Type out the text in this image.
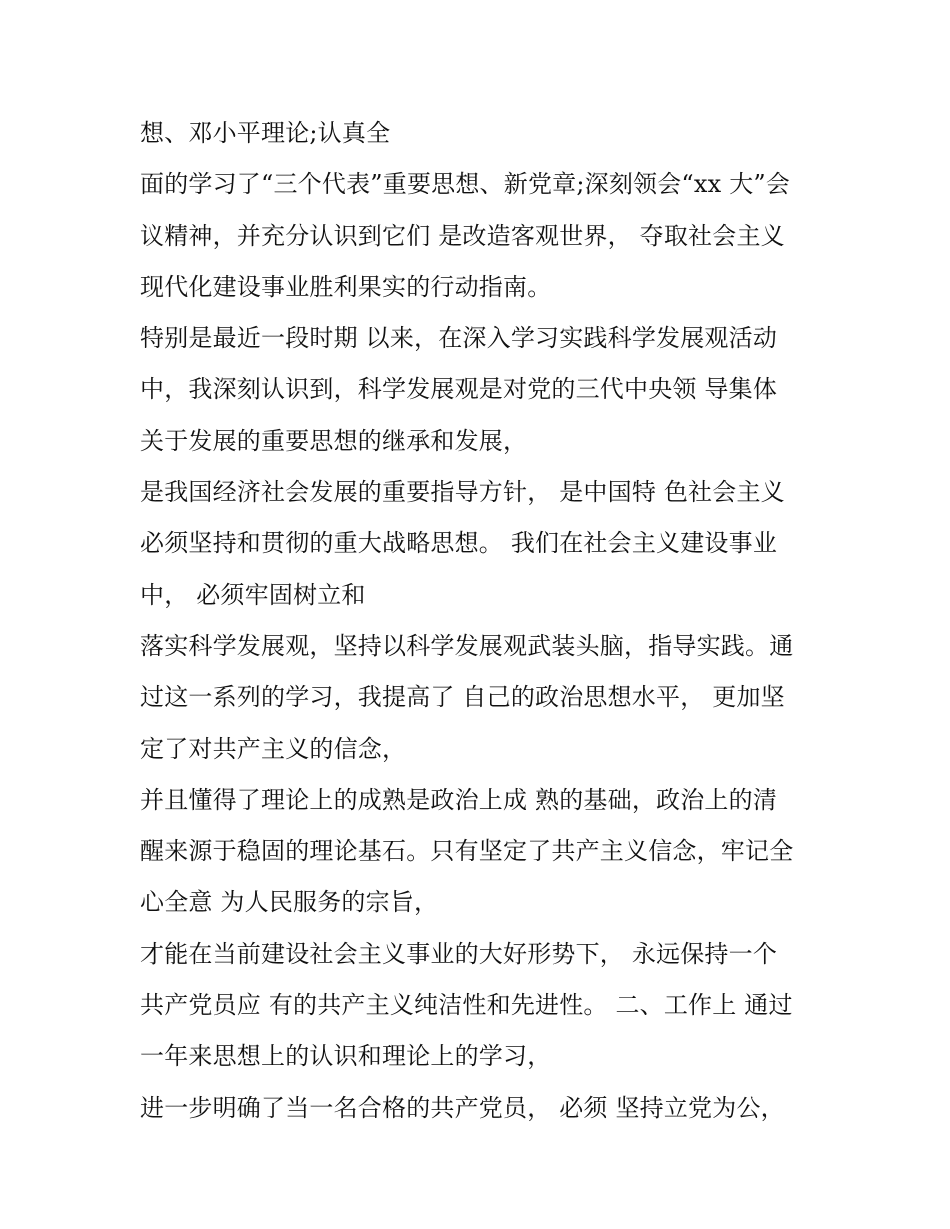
想、邓小平理论;认真全
面的学习了“三个代表”重要思想、新党章;深刻领会“xx 大”会
议精神，并充分认识到它们 是改造客观世界， 夺取社会主义
现代化建设事业胜利果实的行动指南。
特别是最近一段时期 以来，在深入学习实践科学发展观活动
中，我深刻认识到，科学发展观是对党的三代中央领 导集体
关于发展的重要思想的继承和发展，
是我国经济社会发展的重要指导方针， 是中国特 色社会主义
必须坚持和贯彻的重大战略思想。 我们在社会主义建设事业
中， 必须牢固树立和
落实科学发展观，坚持以科学发展观武装头脑，指导实践。通
过这一系列的学习，我提高了 自己的政治思想水平， 更加坚
定了对共产主义的信念，
并且懂得了理论上的成熟是政治上成 熟的基础，政治上的清
醒来源于稳固的理论基石。只有坚定了共产主义信念，牢记全
心全意 为人民服务的宗旨，
才能在当前建设社会主义事业的大好形势下， 永远保持一个
共产党员应 有的共产主义纯洁性和先进性。 二、工作上 通过
一年来思想上的认识和理论上的学习，
进一步明确了当一名合格的共产党员， 必须 坚持立党为公，
